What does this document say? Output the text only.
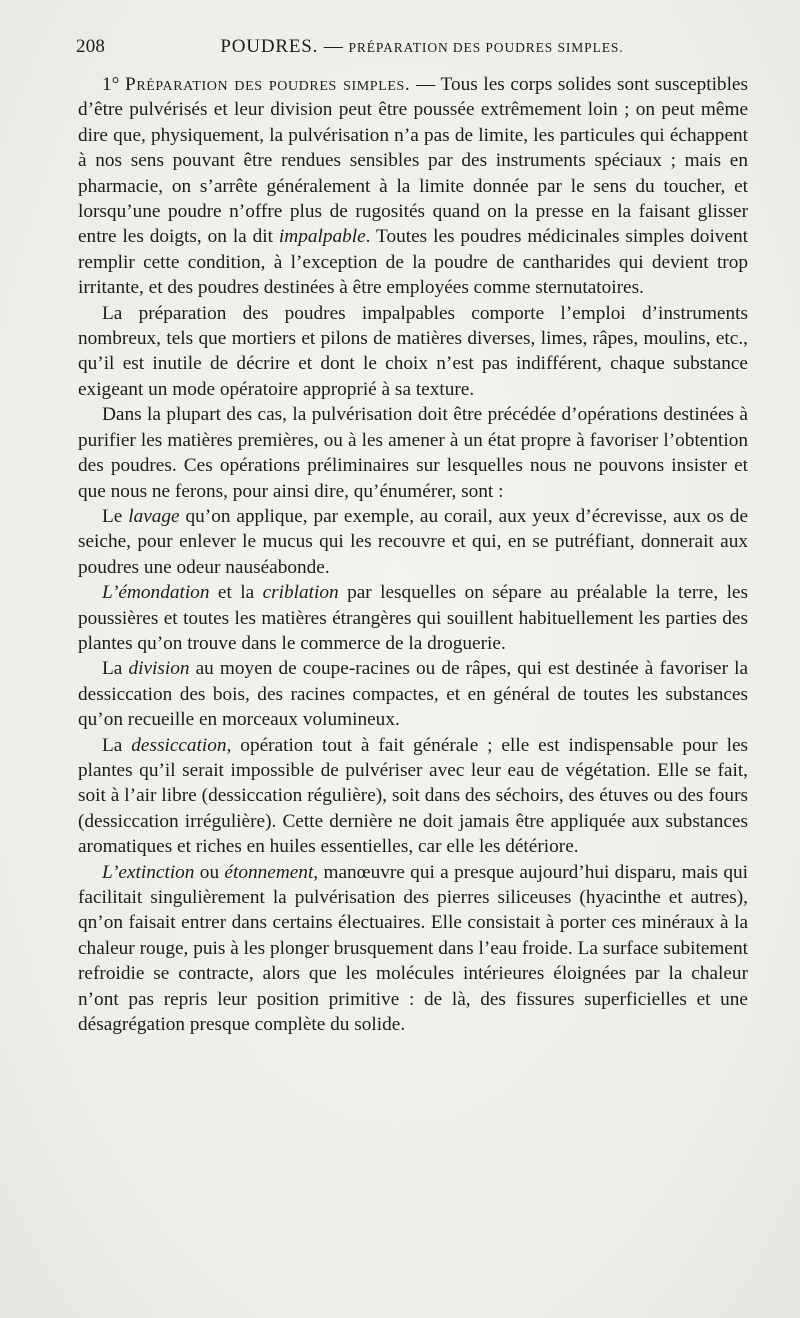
208	POUDRES. — PRÉPARATION DES POUDRES SIMPLES.

1° Préparation des poudres simples. — Tous les corps solides sont susceptibles d’être pulvérisés et leur division peut être poussée extrêmement loin ; on peut même dire que, physiquement, la pulvérisation n’a pas de limite, les particules qui échappent à nos sens pouvant être rendues sensibles par des instruments spéciaux ; mais en pharmacie, on s’arrête généralement à la limite donnée par le sens du toucher, et lorsqu’une poudre n’offre plus de rugosités quand on la presse en la faisant glisser entre les doigts, on la dit impalpable. Toutes les poudres médicinales simples doivent remplir cette condition, à l’exception de la poudre de cantharides qui devient trop irritante, et des poudres destinées à être employées comme sternutatoires.

La préparation des poudres impalpables comporte l’emploi d’instruments nombreux, tels que mortiers et pilons de matières diverses, limes, râpes, moulins, etc., qu’il est inutile de décrire et dont le choix n’est pas indifférent, chaque substance exigeant un mode opératoire approprié à sa texture.

Dans la plupart des cas, la pulvérisation doit être précédée d’opérations destinées à purifier les matières premières, ou à les amener à un état propre à favoriser l’obtention des poudres. Ces opérations préliminaires sur lesquelles nous ne pouvons insister et que nous ne ferons, pour ainsi dire, qu’énumérer, sont :

Le lavage qu’on applique, par exemple, au corail, aux yeux d’écrevisse, aux os de seiche, pour enlever le mucus qui les recouvre et qui, en se putréfiant, donnerait aux poudres une odeur nauséabonde.

L’émondation et la criblation par lesquelles on sépare au préalable la terre, les poussières et toutes les matières étrangères qui souillent habituellement les parties des plantes qu’on trouve dans le commerce de la droguerie.

La division au moyen de coupe-racines ou de râpes, qui est destinée à favoriser la dessiccation des bois, des racines compactes, et en général de toutes les substances qu’on recueille en morceaux volumineux.

La dessiccation, opération tout à fait générale ; elle est indispensable pour les plantes qu’il serait impossible de pulvériser avec leur eau de végétation. Elle se fait, soit à l’air libre (dessiccation régulière), soit dans des séchoirs, des étuves ou des fours (dessiccation irrégulière). Cette dernière ne doit jamais être appliquée aux substances aromatiques et riches en huiles essentielles, car elle les détériore.

L’extinction ou étonnement, manœuvre qui a presque aujourd’hui disparu, mais qui facilitait singulièrement la pulvérisation des pierres siliceuses (hyacinthe et autres), qn’on faisait entrer dans certains électuaires. Elle consistait à porter ces minéraux à la chaleur rouge, puis à les plonger brusquement dans l’eau froide. La surface subitement refroidie se contracte, alors que les molécules intérieures éloignées par la chaleur n’ont pas repris leur position primitive : de là, des fissures superficielles et une désagrégation presque complète du solide.
